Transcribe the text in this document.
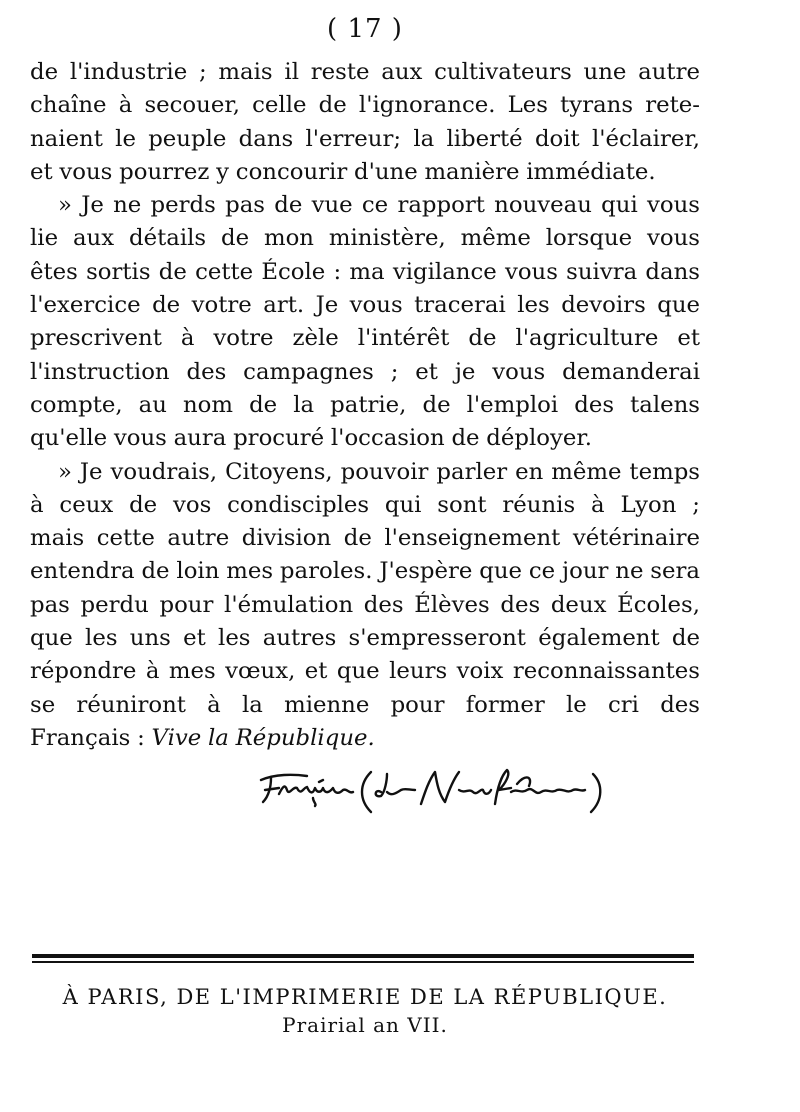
( 17 )
de l'industrie ; mais il reste aux cultivateurs une autre
chaîne à secouer, celle de l'ignorance. Les tyrans rete-
naient le peuple dans l'erreur; la liberté doit l'éclairer,
et vous pourrez y concourir d'une manière immédiate.
» Je ne perds pas de vue ce rapport nouveau qui vous
lie aux détails de mon ministère, même lorsque vous
êtes sortis de cette École : ma vigilance vous suivra dans
l'exercice de votre art. Je vous tracerai les devoirs que
prescrivent à votre zèle l'intérêt de l'agriculture et
l'instruction des campagnes ; et je vous demanderai
compte, au nom de la patrie, de l'emploi des talens
qu'elle vous aura procuré l'occasion de déployer.
» Je voudrais, Citoyens, pouvoir parler en même temps
à ceux de vos condisciples qui sont réunis à Lyon ;
mais cette autre division de l'enseignement vétérinaire
entendra de loin mes paroles. J'espère que ce jour ne sera
pas perdu pour l'émulation des Élèves des deux Écoles,
que les uns et les autres s'empresseront également de
répondre à mes vœux, et que leurs voix reconnaissantes
se réuniront à la mienne pour former le cri des
Français : Vive la République.
À PARIS, DE L'IMPRIMERIE DE LA RÉPUBLIQUE.
Prairial an VII.
